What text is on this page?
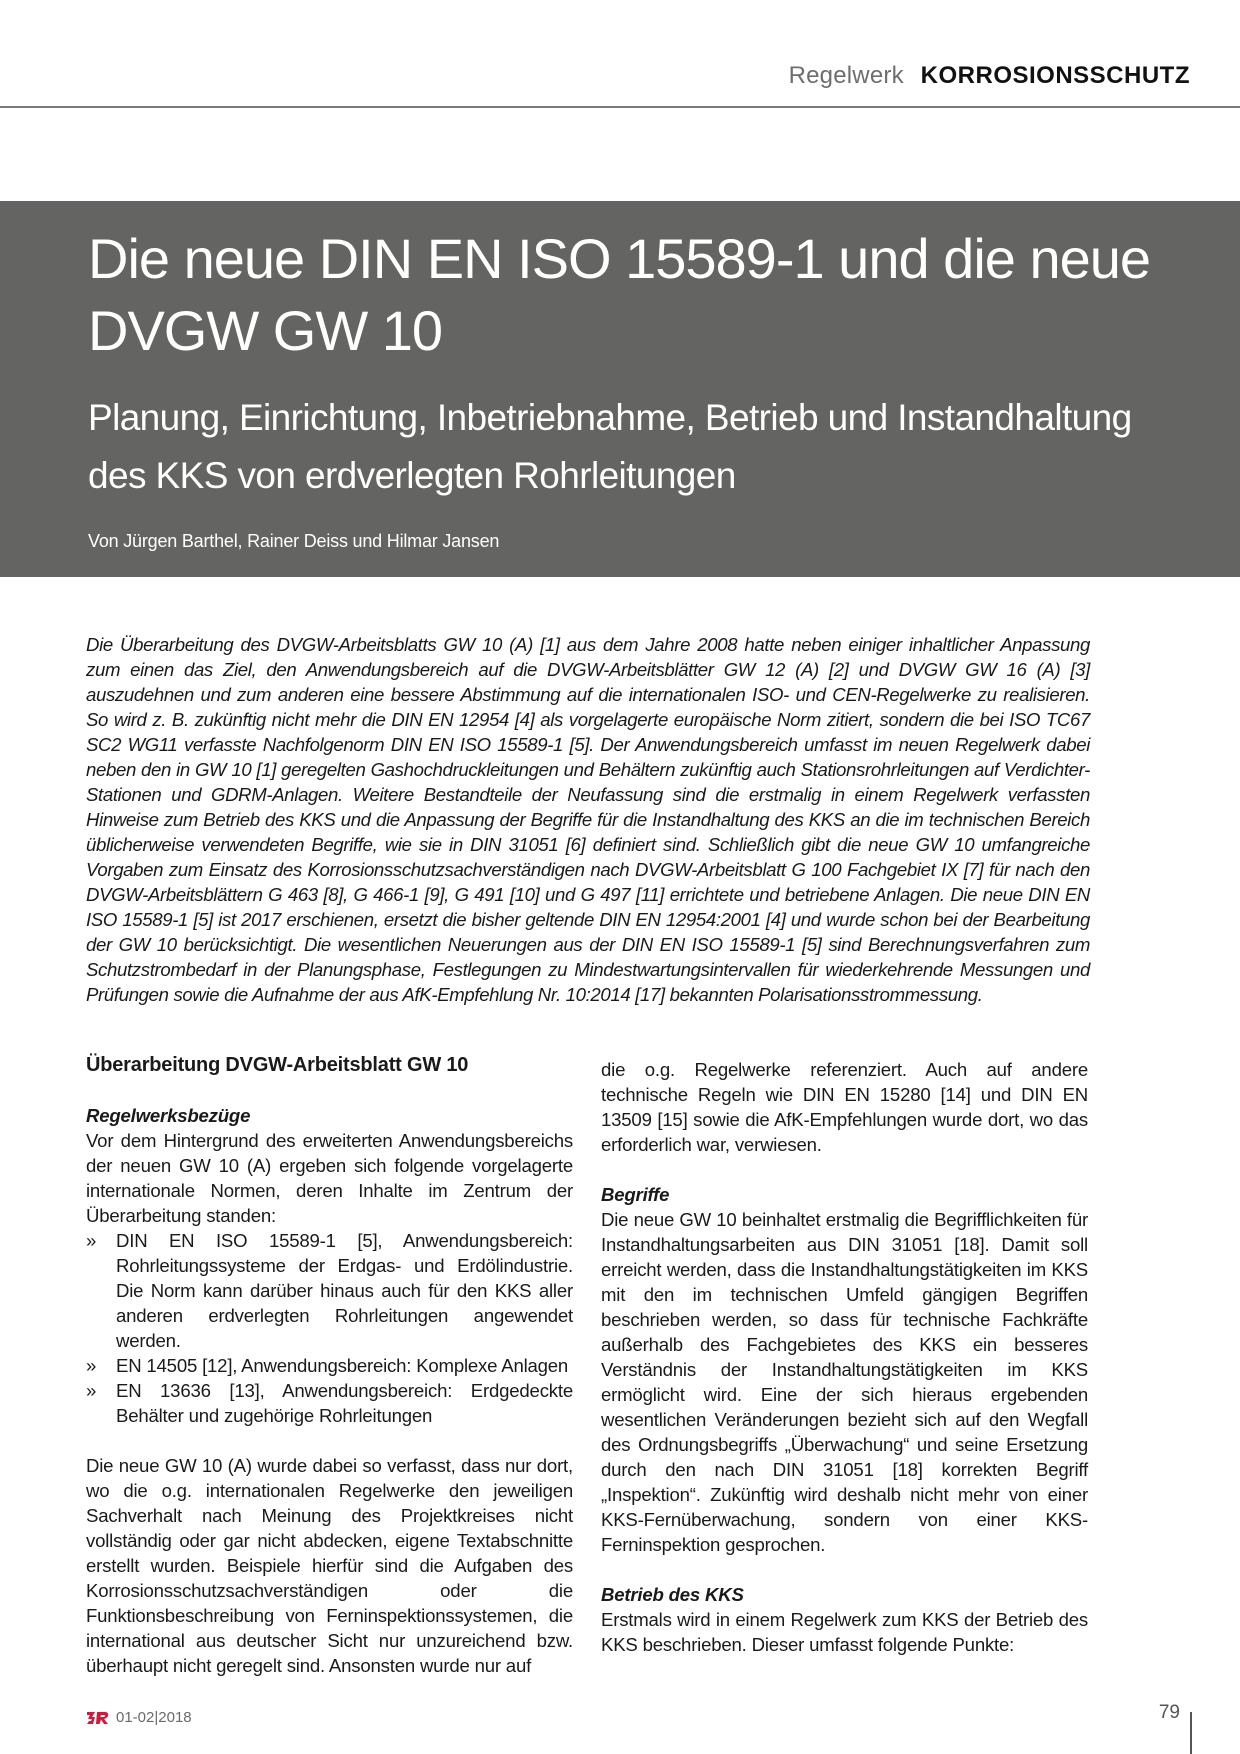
Regelwerk KORROSIONSSCHUTZ
Die neue DIN EN ISO 15589-1 und die neue DVGW GW 10
Planung, Einrichtung, Inbetriebnahme, Betrieb und Instandhaltung des KKS von erdverlegten Rohrleitungen

Von Jürgen Barthel, Rainer Deiss und Hilmar Jansen

Die Überarbeitung des DVGW-Arbeitsblatts GW 10 (A) [1] aus dem Jahre 2008 hatte neben einiger inhaltlicher Anpassung zum einen das Ziel, den Anwendungsbereich auf die DVGW-Arbeitsblätter GW 12 (A) [2] und DVGW GW 16 (A) [3] auszudehnen und zum anderen eine bessere Abstimmung auf die internationalen ISO- und CEN-Regelwerke zu realisieren. So wird z. B. zukünftig nicht mehr die DIN EN 12954 [4] als vorgelagerte europäische Norm zitiert, sondern die bei ISO TC67 SC2 WG11 verfasste Nachfolgenorm DIN EN ISO 15589-1 [5]. Der Anwendungsbereich umfasst im neuen Regelwerk dabei neben den in GW 10 [1] geregelten Gashochdruckleitungen und Behältern zukünftig auch Stationsrohrleitungen auf Verdichter-Stationen und GDRM-Anlagen. Weitere Bestandteile der Neufassung sind die erstmalig in einem Regelwerk verfassten Hinweise zum Betrieb des KKS und die Anpassung der Begriffe für die Instandhaltung des KKS an die im technischen Bereich üblicherweise verwendeten Begriffe, wie sie in DIN 31051 [6] definiert sind. Schließlich gibt die neue GW 10 umfangreiche Vorgaben zum Einsatz des Korrosionsschutzsachverständigen nach DVGW-Arbeitsblatt G 100 Fachgebiet IX [7] für nach den DVGW-Arbeitsblättern G 463 [8], G 466-1 [9], G 491 [10] und G 497 [11] errichtete und betriebene Anlagen. Die neue DIN EN ISO 15589-1 [5] ist 2017 erschienen, ersetzt die bisher geltende DIN EN 12954:2001 [4] und wurde schon bei der Bearbeitung der GW 10 berücksichtigt. Die wesentlichen Neuerungen aus der DIN EN ISO 15589-1 [5] sind Berechnungsverfahren zum Schutzstrombedarf in der Planungsphase, Festlegungen zu Mindestwartungsintervallen für wiederkehrende Messungen und Prüfungen sowie die Aufnahme der aus AfK-Empfehlung Nr. 10:2014 [17] bekannten Polarisationsstrommessung.

Überarbeitung DVGW-Arbeitsblatt GW 10
Regelwerksbezüge

Vor dem Hintergrund des erweiterten Anwendungsbereichs der neuen GW 10 (A) ergeben sich folgende vorgelagerte internationale Normen, deren Inhalte im Zentrum der Überarbeitung standen:

» DIN EN ISO 15589-1 [5], Anwendungsbereich: Rohrleitungssysteme der Erdgas- und Erdölindustrie. Die Norm kann darüber hinaus auch für den KKS aller anderen erdverlegten Rohrleitungen angewendet werden.
» EN 14505 [12], Anwendungsbereich: Komplexe Anlagen
» EN 13636 [13], Anwendungsbereich: Erdgedeckte Behälter und zugehörige Rohrleitungen

Die neue GW 10 (A) wurde dabei so verfasst, dass nur dort, wo die o.g. internationalen Regelwerke den jeweiligen Sachverhalt nach Meinung des Projektkreises nicht vollständig oder gar nicht abdecken, eigene Textabschnitte erstellt wurden. Beispiele hierfür sind die Aufgaben des Korrosionsschutzsachverständigen oder die Funktionsbeschreibung von Ferninspektionssystemen, die international aus deutscher Sicht nur unzureichend bzw. überhaupt nicht geregelt sind. Ansonsten wurde nur auf

die o.g. Regelwerke referenziert. Auch auf andere technische Regeln wie DIN EN 15280 [14] und DIN EN 13509 [15] sowie die AfK-Empfehlungen wurde dort, wo das erforderlich war, verwiesen.

Begriffe

Die neue GW 10 beinhaltet erstmalig die Begrifflichkeiten für Instandhaltungsarbeiten aus DIN 31051 [18]. Damit soll erreicht werden, dass die Instandhaltungstätigkeiten im KKS mit den im technischen Umfeld gängigen Begriffen beschrieben werden, so dass für technische Fachkräfte außerhalb des Fachgebietes des KKS ein besseres Verständnis der Instandhaltungstätigkeiten im KKS ermöglicht wird. Eine der sich hieraus ergebenden wesentlichen Veränderungen bezieht sich auf den Wegfall des Ordnungsbegriffs „Überwachung“ und seine Ersetzung durch den nach DIN 31051 [18] korrekten Begriff „Inspektion“. Zukünftig wird deshalb nicht mehr von einer KKS-Fernüberwachung, sondern von einer KKS-Ferninspektion gesprochen.

Betrieb des KKS

Erstmals wird in einem Regelwerk zum KKS der Betrieb des KKS beschrieben. Dieser umfasst folgende Punkte:

01-02|2018	79
